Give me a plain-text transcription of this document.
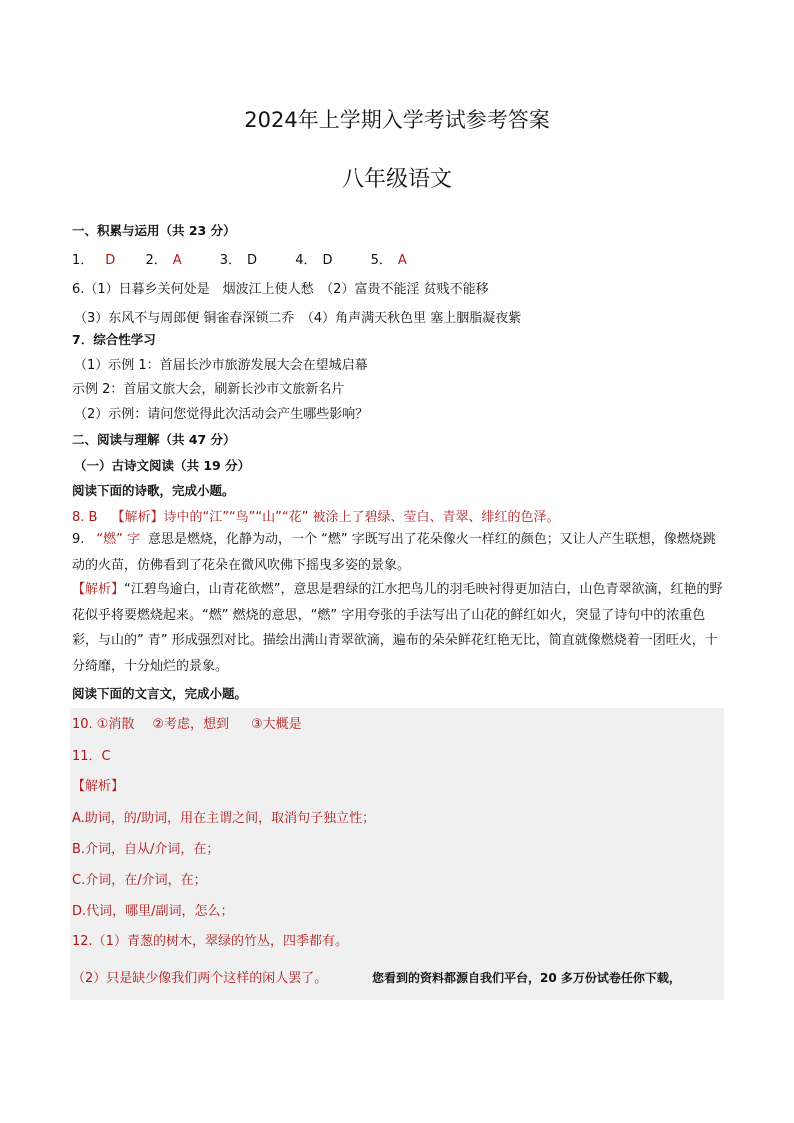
2024年上学期入学考试参考答案
八年级语文
一、积累与运用（共 23 分）
1． D 2． A	3． D	4． D	5． A
6.（1）日暮乡关何处是　烟波江上使人愁　（2）富贵不能淫 贫贱不能移
（3）东风不与周郎便 铜雀春深锁二乔　（4）角声满天秋色里 塞上胭脂凝夜紫
7．综合性学习
（1）示例 1：首届长沙市旅游发展大会在望城启幕
示例 2：首届文旅大会，刷新长沙市文旅新名片
（2）示例：请问您觉得此次活动会产生哪些影响？
二、阅读与理解（共 47 分）
（一）古诗文阅读（共 19 分）
阅读下面的诗歌，完成小题。
8. B 【解析】诗中的“江”“鸟”“山”“花” 被涂上了碧绿、莹白、青翠、绯红的色泽。
9. “燃” 字 意思是燃烧，化静为动，一个 “燃” 字既写出了花朵像火一样红的颜色；又让人产生联想，像燃烧跳动的火苗，仿佛看到了花朵在微风吹佛下摇曳多姿的景象。
【解析】“江碧鸟逾白，山青花欲燃”，意思是碧绿的江水把鸟儿的羽毛映衬得更加洁白，山色青翠欲滴，红艳的野花似乎将要燃烧起来。“燃” 燃烧的意思，“燃” 字用夸张的手法写出了山花的鲜红如火，突显了诗句中的浓重色彩，与山的” 青” 形成强烈对比。描绘出满山青翠欲滴，遍布的朵朵鲜花红艳无比，简直就像燃烧着一团旺火，十分绮靡，十分灿烂的景象。
阅读下面的文言文，完成小题。
10. ①消散 ②考虑，想到 ③大概是
11．C
【解析】
A.助词，的/助词，用在主谓之间，取消句子独立性；
B.介词，自从/介词，在；
C.介词，在/介词，在；
D.代词，哪里/副词，怎么；
12.（1）青葱的树木，翠绿的竹丛，四季都有。
（2）只是缺少像我们两个这样的闲人罢了。	您看到的资料都源自我们平台，20 多万份试卷任你下载，
